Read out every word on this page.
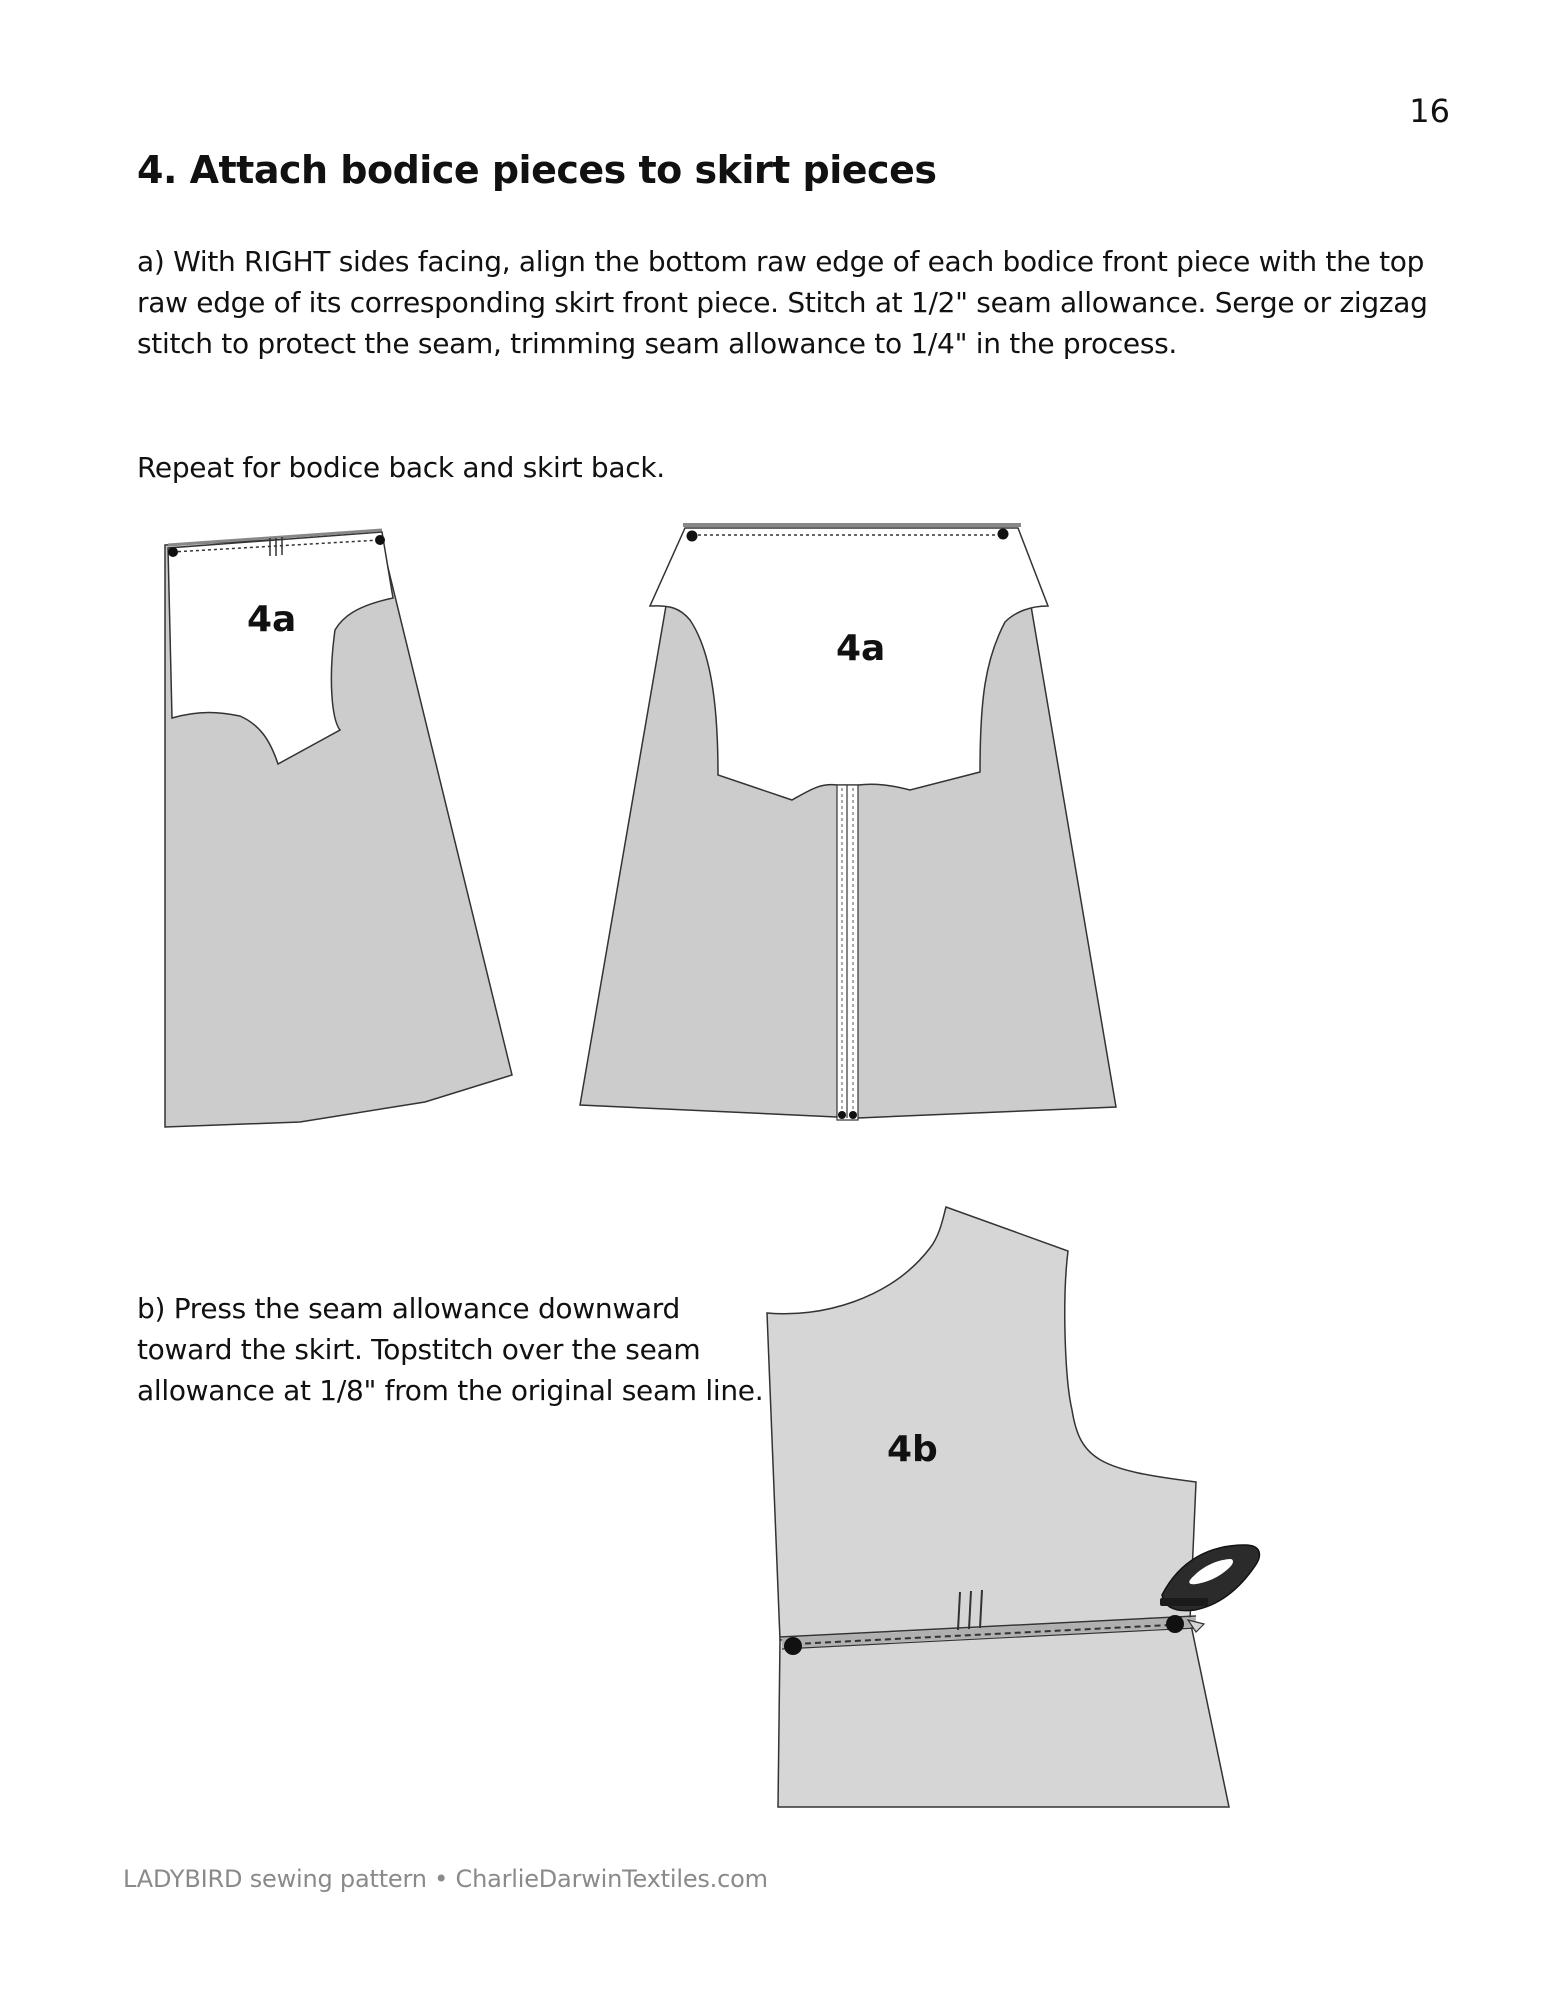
16
4. Attach bodice pieces to skirt pieces

a) With RIGHT sides facing, align the bottom raw edge of each bodice front piece with the top raw edge of its corresponding skirt front piece. Stitch at 1/2" seam allowance. Serge or zigzag stitch to protect the seam, trimming seam allowance to 1/4" in the process.

Repeat for bodice back and skirt back.

b) Press the seam allowance downward toward the skirt. Topstitch over the seam allowance at 1/8" from the original seam line.

4a
4a
4b
LADYBIRD sewing pattern • CharlieDarwinTextiles.com
